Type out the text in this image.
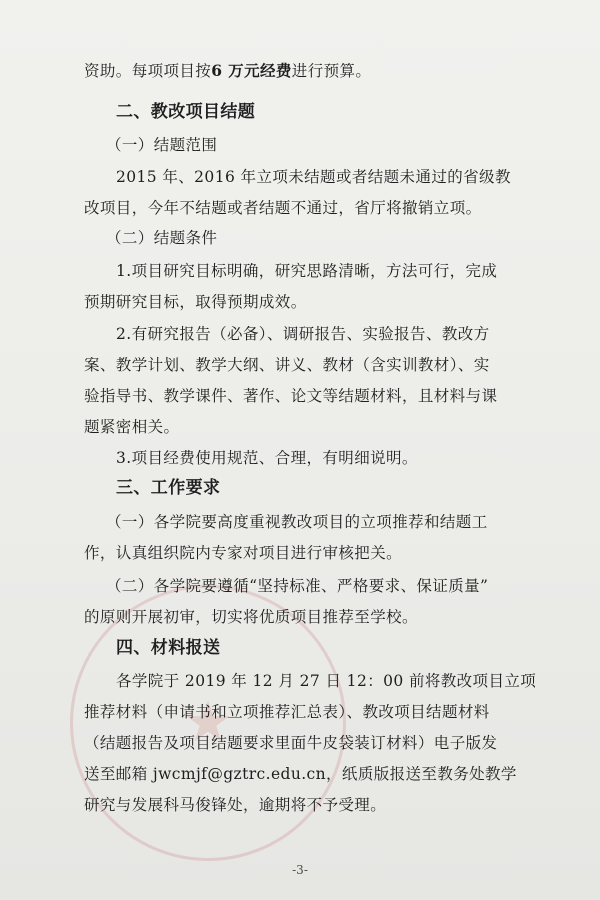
★
资助。每项项目按6 万元经费进行预算。
二、教改项目结题
（一）结题范围
2015 年、2016 年立项未结题或者结题未通过的省级教
改项目，今年不结题或者结题不通过，省厅将撤销立项。
（二）结题条件
1.项目研究目标明确，研究思路清晰，方法可行，完成
预期研究目标，取得预期成效。
2.有研究报告（必备）、调研报告、实验报告、教改方
案、教学计划、教学大纲、讲义、教材（含实训教材）、实
验指导书、教学课件、著作、论文等结题材料，且材料与课
题紧密相关。
3.项目经费使用规范、合理，有明细说明。
三、工作要求
（一）各学院要高度重视教改项目的立项推荐和结题工
作，认真组织院内专家对项目进行审核把关。
（二）各学院要遵循“坚持标准、严格要求、保证质量”
的原则开展初审，切实将优质项目推荐至学校。
四、材料报送
各学院于 2019 年 12 月 27 日 12：00 前将教改项目立项
推荐材料（申请书和立项推荐汇总表）、教改项目结题材料
（结题报告及项目结题要求里面牛皮袋装订材料）电子版发
送至邮箱 jwcmjf@gztrc.edu.cn，纸质版报送至教务处教学
研究与发展科马俊锋处，逾期将不予受理。
-3-
